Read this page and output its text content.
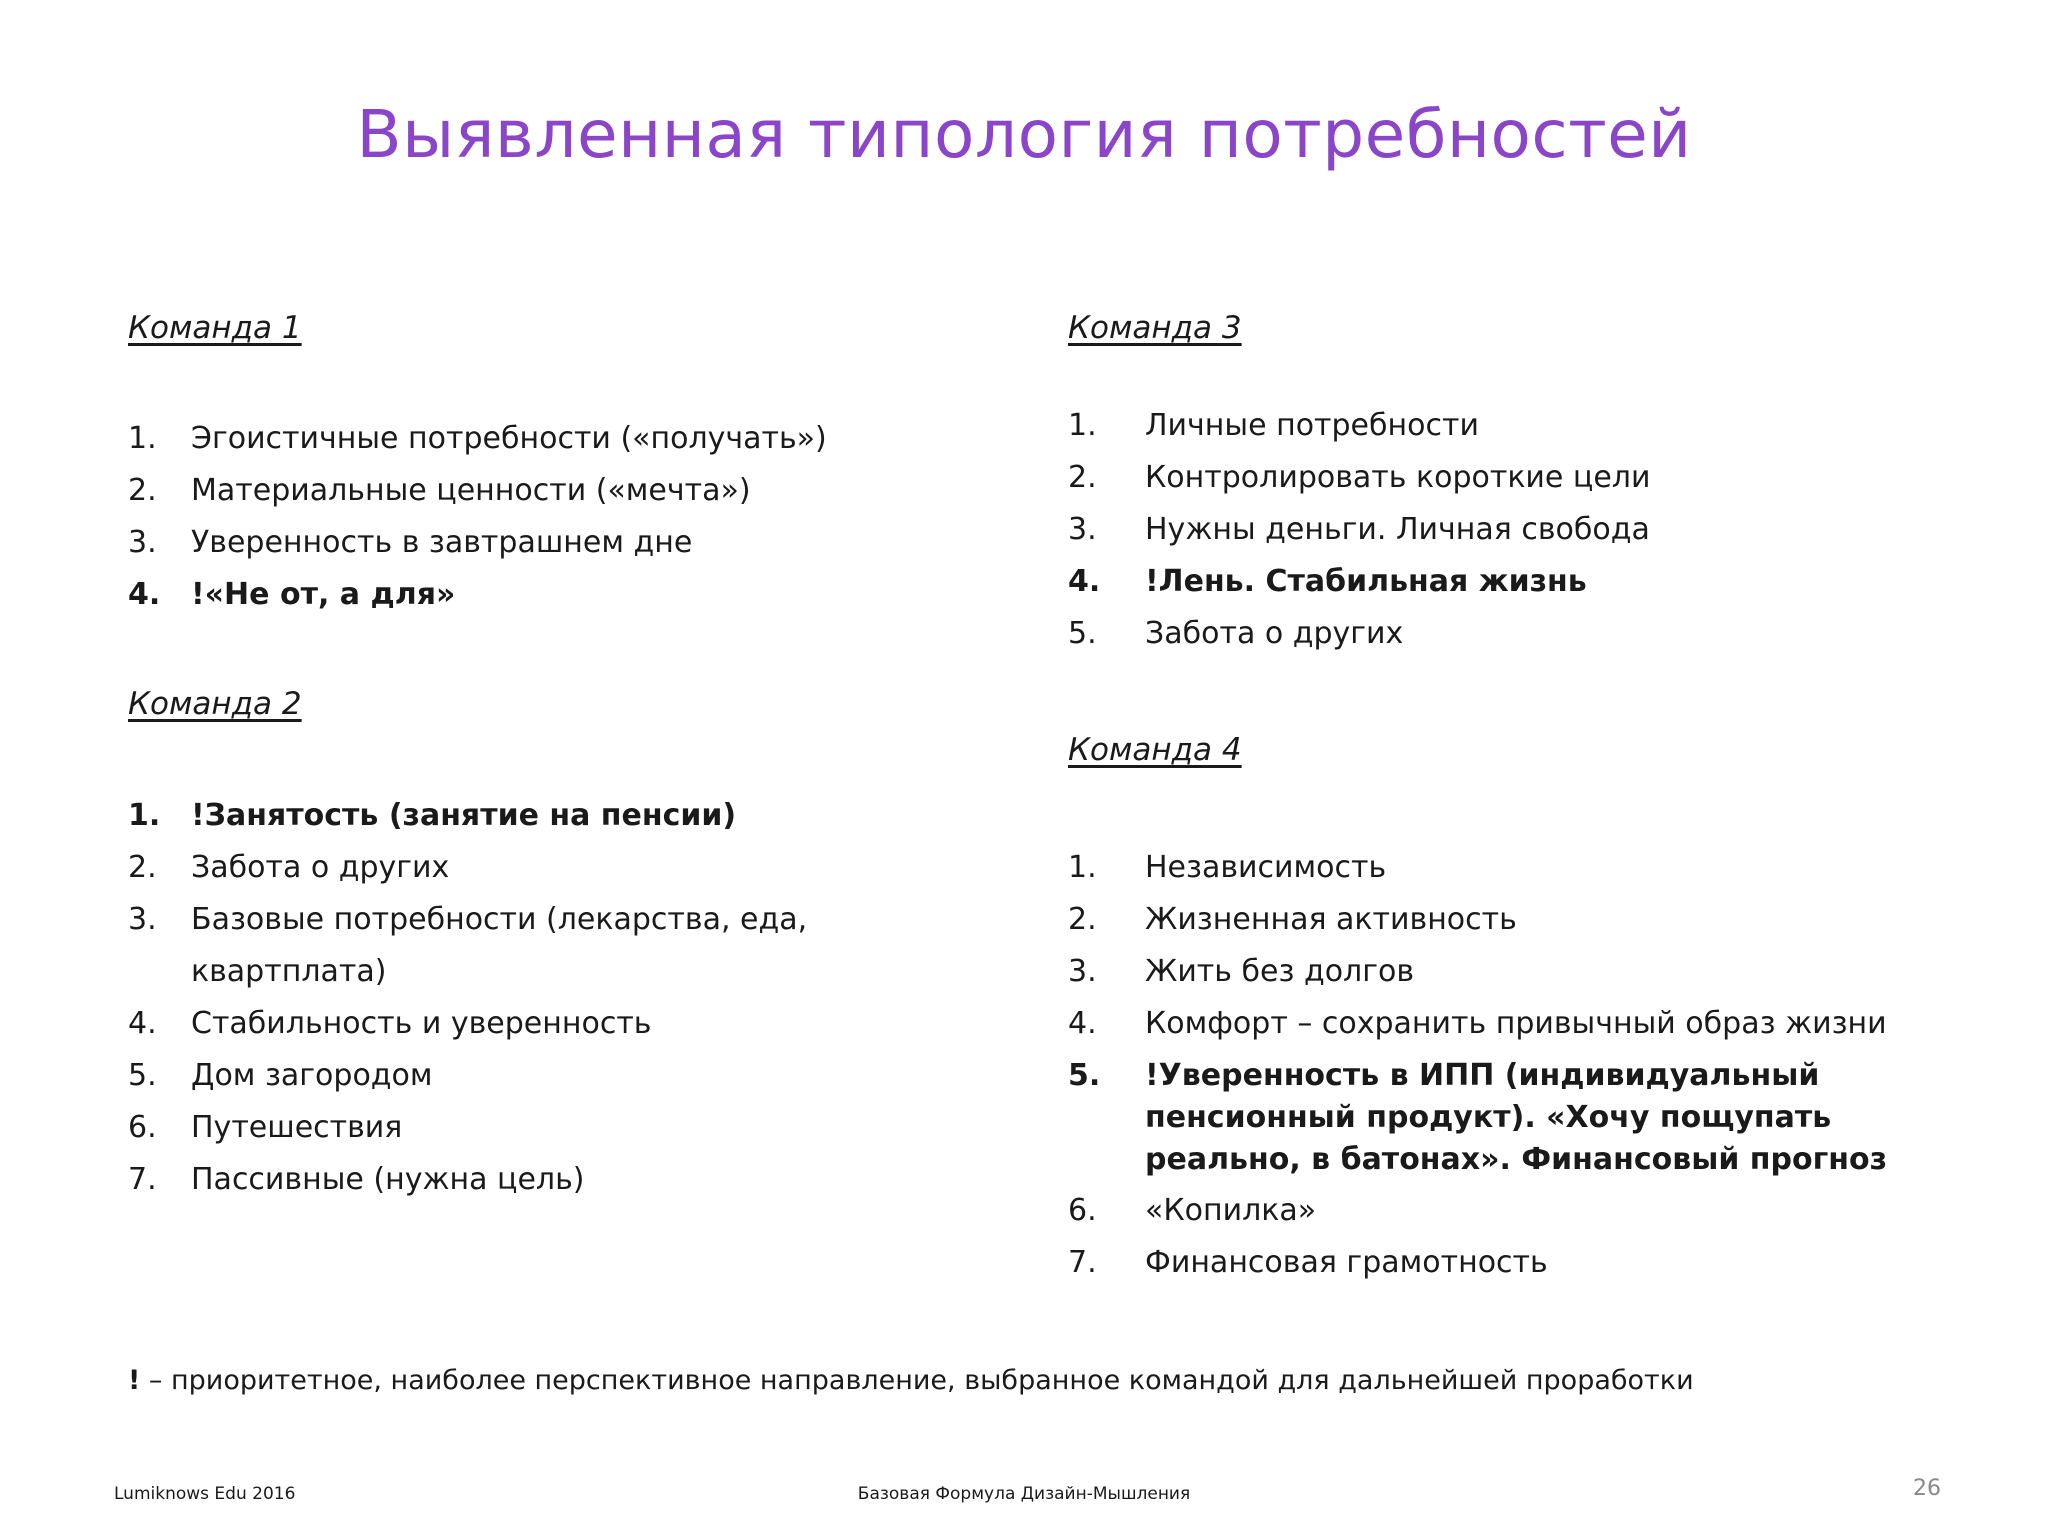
Выявленная типология потребностей

Команда 1

1.	Эгоистичные потребности («получать»)
2.	Материальные ценности («мечта»)
3.	Уверенность в завтрашнем дне
4.	!«Не от, а для»

Команда 2

1.	!Занятость (занятие на пенсии)
2.	Забота о других
3.	Базовые потребности (лекарства, еда, квартплата)
4.	Стабильность и уверенность
5.	Дом загородом
6.	Путешествия
7.	Пассивные (нужна цель)

Команда 3

1.	Личные потребности
2.	Контролировать короткие цели
3.	Нужны деньги. Личная свобода
4.	!Лень. Стабильная жизнь
5.	Забота о других

Команда 4

1.	Независимость
2.	Жизненная активность
3.	Жить без долгов
4.	Комфорт – сохранить привычный образ жизни
5.	!Уверенность в ИПП (индивидуальный пенсионный продукт). «Хочу пощупать реально, в батонах». Финансовый прогноз
6.	«Копилка»
7.	Финансовая грамотность

! – приоритетное, наиболее перспективное направление, выбранное командой для дальнейшей проработки

Lumiknows Edu 2016	Базовая Формула Дизайн-Мышления	26
